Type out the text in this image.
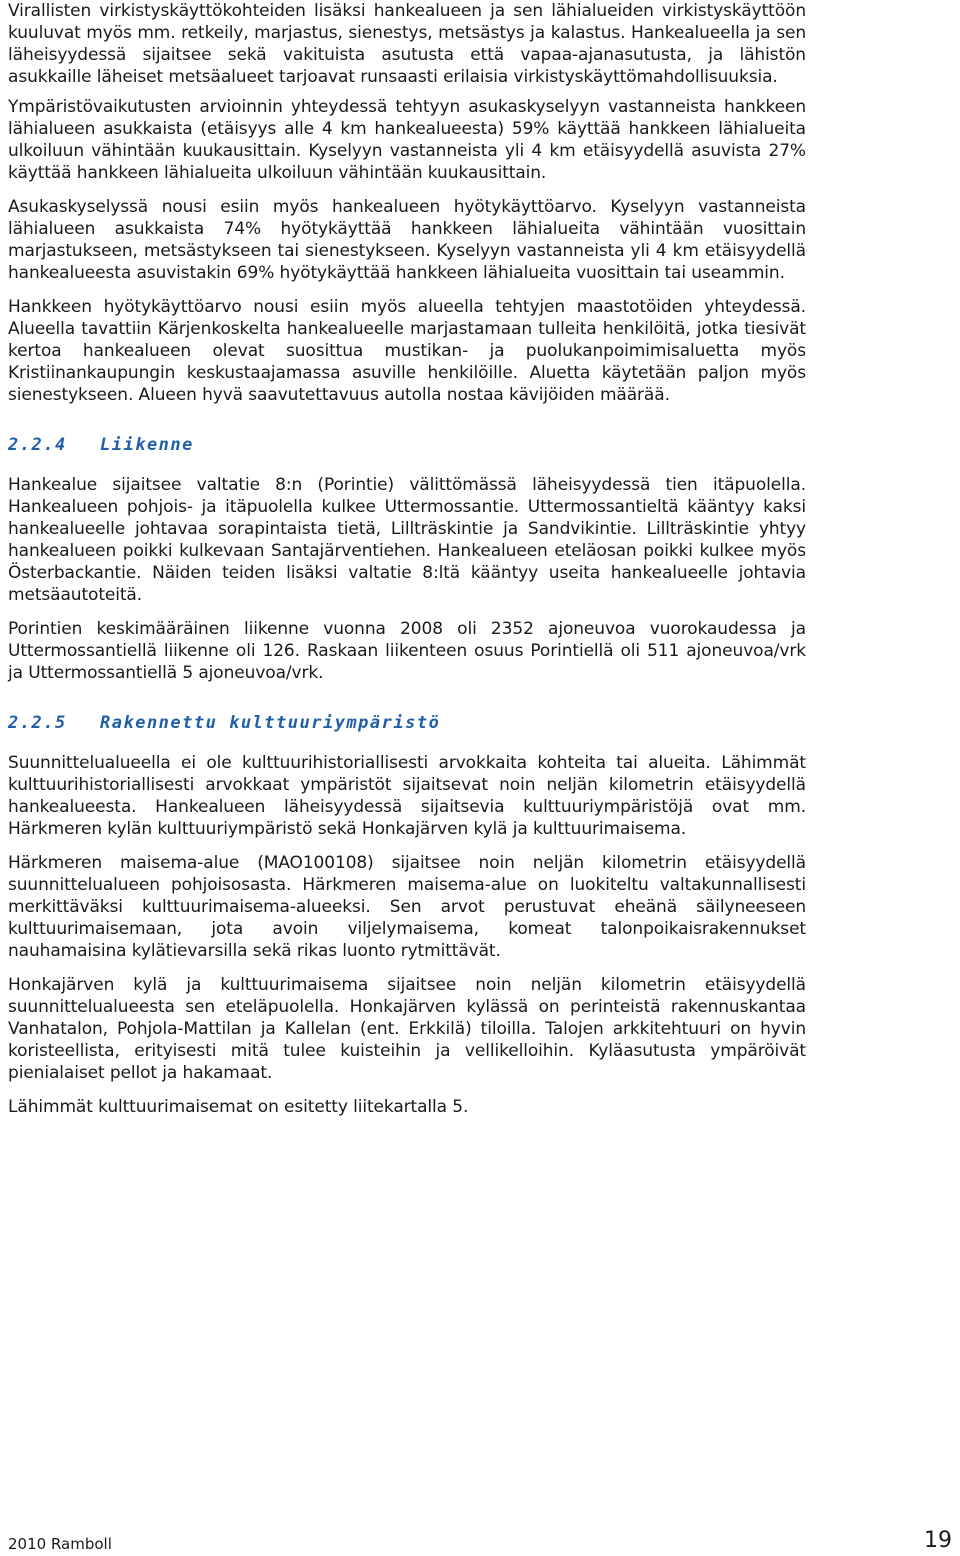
Virallisten virkistyskäyttökohteiden lisäksi hankealueen ja sen lähialueiden virkistyskäyttöön kuuluvat myös mm. retkeily, marjastus, sienestys, metsästys ja kalastus. Hankealueella ja sen läheisyydessä sijaitsee sekä vakituista asutusta että vapaa-ajanasutusta, ja lähistön asukkaille läheiset metsäalueet tarjoavat runsaasti erilaisia virkistyskäyttömahdollisuuksia.

Ympäristövaikutusten arvioinnin yhteydessä tehtyyn asukaskyselyyn vastanneista hankkeen lähialueen asukkaista (etäisyys alle 4 km hankealueesta) 59% käyttää hankkeen lähialueita ulkoiluun vähintään kuukausittain. Kyselyyn vastanneista yli 4 km etäisyydellä asuvista 27% käyttää hankkeen lähialueita ulkoiluun vähintään kuukausittain.

Asukaskyselyssä nousi esiin myös hankealueen hyötykäyttöarvo. Kyselyyn vastanneista lähialueen asukkaista 74% hyötykäyttää hankkeen lähialueita vähintään vuosittain marjastukseen, metsästykseen tai sienestykseen. Kyselyyn vastanneista yli 4 km etäisyydellä hankealueesta asuvistakin 69% hyötykäyttää hankkeen lähialueita vuosittain tai useammin.

Hankkeen hyötykäyttöarvo nousi esiin myös alueella tehtyjen maastotöiden yhteydessä. Alueella tavattiin Kärjenkoskelta hankealueelle marjastamaan tulleita henkilöitä, jotka tiesivät kertoa hankealueen olevat suosittua mustikan- ja puolukanpoimimisaluetta myös Kristiinankaupungin keskustaajamassa asuville henkilöille. Aluetta käytetään paljon myös sienestykseen. Alueen hyvä saavutettavuus autolla nostaa kävijöiden määrää.

2.2.4 Liikenne

Hankealue sijaitsee valtatie 8:n (Porintie) välittömässä läheisyydessä tien itäpuolella. Hankealueen pohjois- ja itäpuolella kulkee Uttermossantie. Uttermossantieltä kääntyy kaksi hankealueelle johtavaa sorapintaista tietä, Lillträskintie ja Sandvikintie. Lillträskintie yhtyy hankealueen poikki kulkevaan Santajärventiehen. Hankealueen eteläosan poikki kulkee myös Österbackantie. Näiden teiden lisäksi valtatie 8:ltä kääntyy useita hankealueelle johtavia metsäautoteitä.

Porintien keskimääräinen liikenne vuonna 2008 oli 2352 ajoneuvoa vuorokaudessa ja Uttermossantiellä liikenne oli 126. Raskaan liikenteen osuus Porintiellä oli 511 ajoneuvoa/vrk ja Uttermossantiellä 5 ajoneuvoa/vrk.

2.2.5 Rakennettu kulttuuriympäristö

Suunnittelualueella ei ole kulttuurihistoriallisesti arvokkaita kohteita tai alueita. Lähimmät kulttuurihistoriallisesti arvokkaat ympäristöt sijaitsevat noin neljän kilometrin etäisyydellä hankealueesta. Hankealueen läheisyydessä sijaitsevia kulttuuriympäristöjä ovat mm. Härkmeren kylän kulttuuriympäristö sekä Honkajärven kylä ja kulttuurimaisema.

Härkmeren maisema-alue (MAO100108) sijaitsee noin neljän kilometrin etäisyydellä suunnittelualueen pohjoisosasta. Härkmeren maisema-alue on luokiteltu valtakunnallisesti merkittäväksi kulttuurimaisema-alueeksi. Sen arvot perustuvat eheänä säilyneeseen kulttuurimaisemaan, jota avoin viljelymaisema, komeat talonpoikaisrakennukset nauhamaisina kylätievarsilla sekä rikas luonto rytmittävät.

Honkajärven kylä ja kulttuurimaisema sijaitsee noin neljän kilometrin etäisyydellä suunnittelualueesta sen eteläpuolella. Honkajärven kylässä on perinteistä rakennuskantaa Vanhatalon, Pohjola-Mattilan ja Kallelan (ent. Erkkilä) tiloilla. Talojen arkkitehtuuri on hyvin koristeellista, erityisesti mitä tulee kuisteihin ja vellikelloihin. Kyläasutusta ympäröivät pienialaiset pellot ja hakamaat.

Lähimmät kulttuurimaisemat on esitetty liitekartalla 5.

2010 Ramboll	19
